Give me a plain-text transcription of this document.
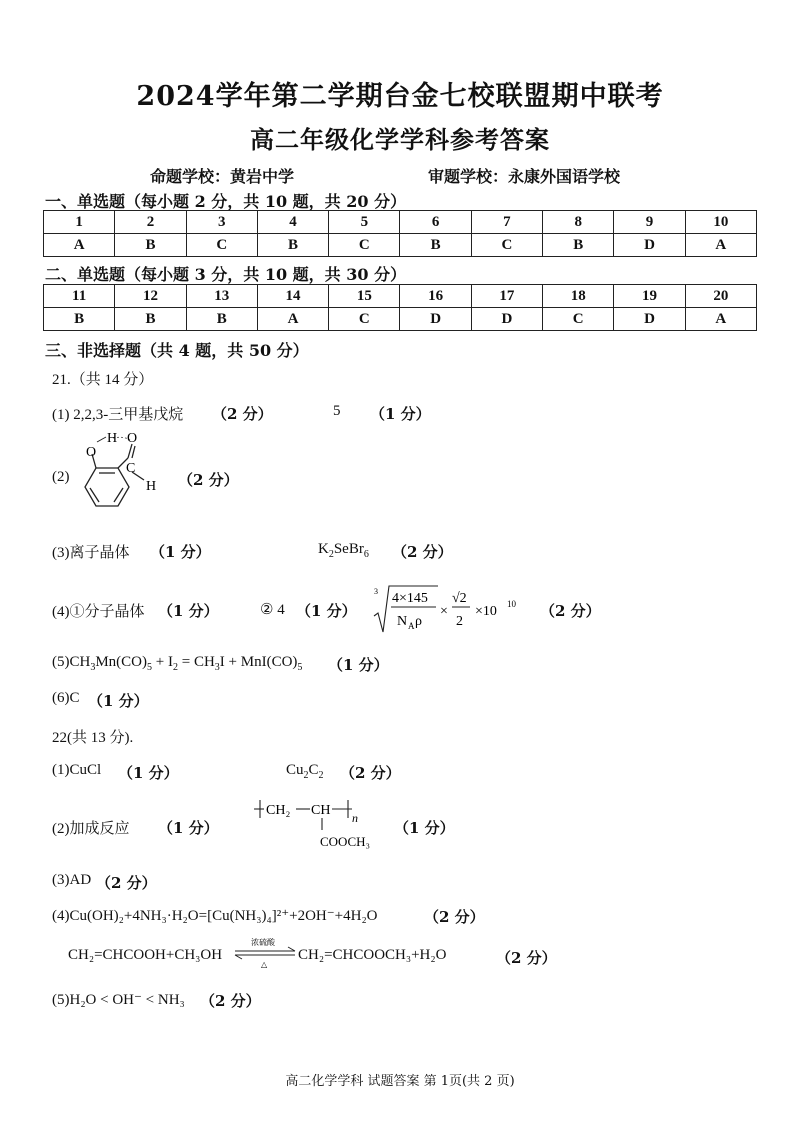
2024学年第二学期台金七校联盟期中联考
高二年级化学学科参考答案
命题学校：黄岩中学	审题学校：永康外国语学校
一、单选题（每小题 2 分，共 10 题，共 20 分）
1	2	3	4	5	6	7	8	9	10
A	B	C	B	C	B	C	B	D	A
二、单选题（每小题 3 分，共 10 题，共 30 分）
11	12	13	14	15	16	17	18	19	20
B	B	B	A	C	D	D	C	D	A
三、非选择题（共 4 题，共 50 分）
21.（共 14 分）
(1) 2,2,3-三甲基戊烷 （2 分）	5 （1 分）
(2)
O
H
C
O
H （2 分）
(3)离子晶体 （1 分）	$K_2SeBr_6$ （2 分）
(4)①分子晶体 （1 分）	② 4 （1 分）
3 4×145
N A ρ
×
√2
2
×10 10 （2 分）
$(5)CH_3Mn(CO)_5 + I_2 = CH_3I + MnI(CO)_5$ （1 分）
(6)C （1 分）
22(共 13 分).
(1)CuCl （1 分）	$Cu_2C_2$ （2 分）
(2)加成反应 （1 分）
CH₂ CH n
COOCH₃
（1 分）
(3)AD （2 分）
(4)Cu(OH)₂+4NH₃·H₂O=[Cu(NH₃)₄]²⁺+2OH⁻+4H₂O	（2 分）
CH₂=CHCOOH+CH₃OH
浓硫酸
△
CH₂=CHCOOCH₃+H₂O	（2 分）
(5)H₂O < OH⁻ < NH₃ （2 分）
高二化学学科 试题答案 第 1页(共 2 页)
